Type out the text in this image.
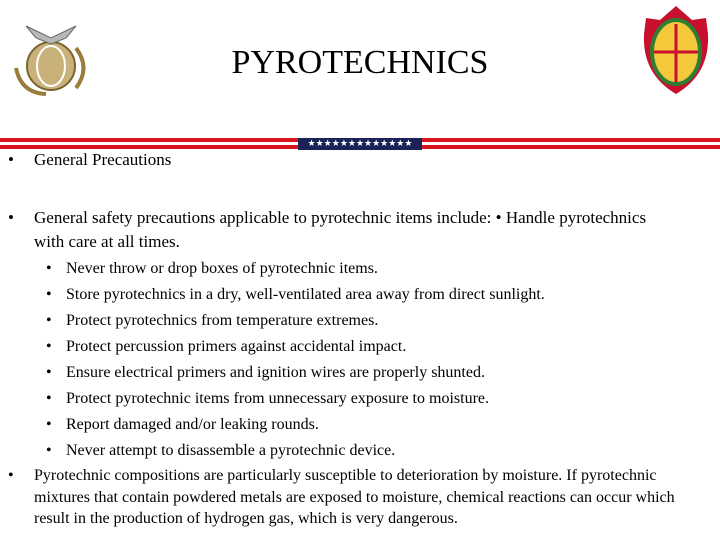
PYROTECHNICS
★★★★★★★★★★★★★
• General Precautions
• General safety precautions applicable to pyrotechnic items include: • Handle pyrotechnics with care at all times.
• Never throw or drop boxes of pyrotechnic items.
• Store pyrotechnics in a dry, well-ventilated area away from direct sunlight.
• Protect pyrotechnics from temperature extremes.
• Protect percussion primers against accidental impact.
• Ensure electrical primers and ignition wires are properly shunted.
• Protect pyrotechnic items from unnecessary exposure to moisture.
• Report damaged and/or leaking rounds.
• Never attempt to disassemble a pyrotechnic device.
• Pyrotechnic compositions are particularly susceptible to deterioration by moisture. If pyrotechnic mixtures that contain powdered metals are exposed to moisture, chemical reactions can occur which result in the production of hydrogen gas, which is very dangerous.
